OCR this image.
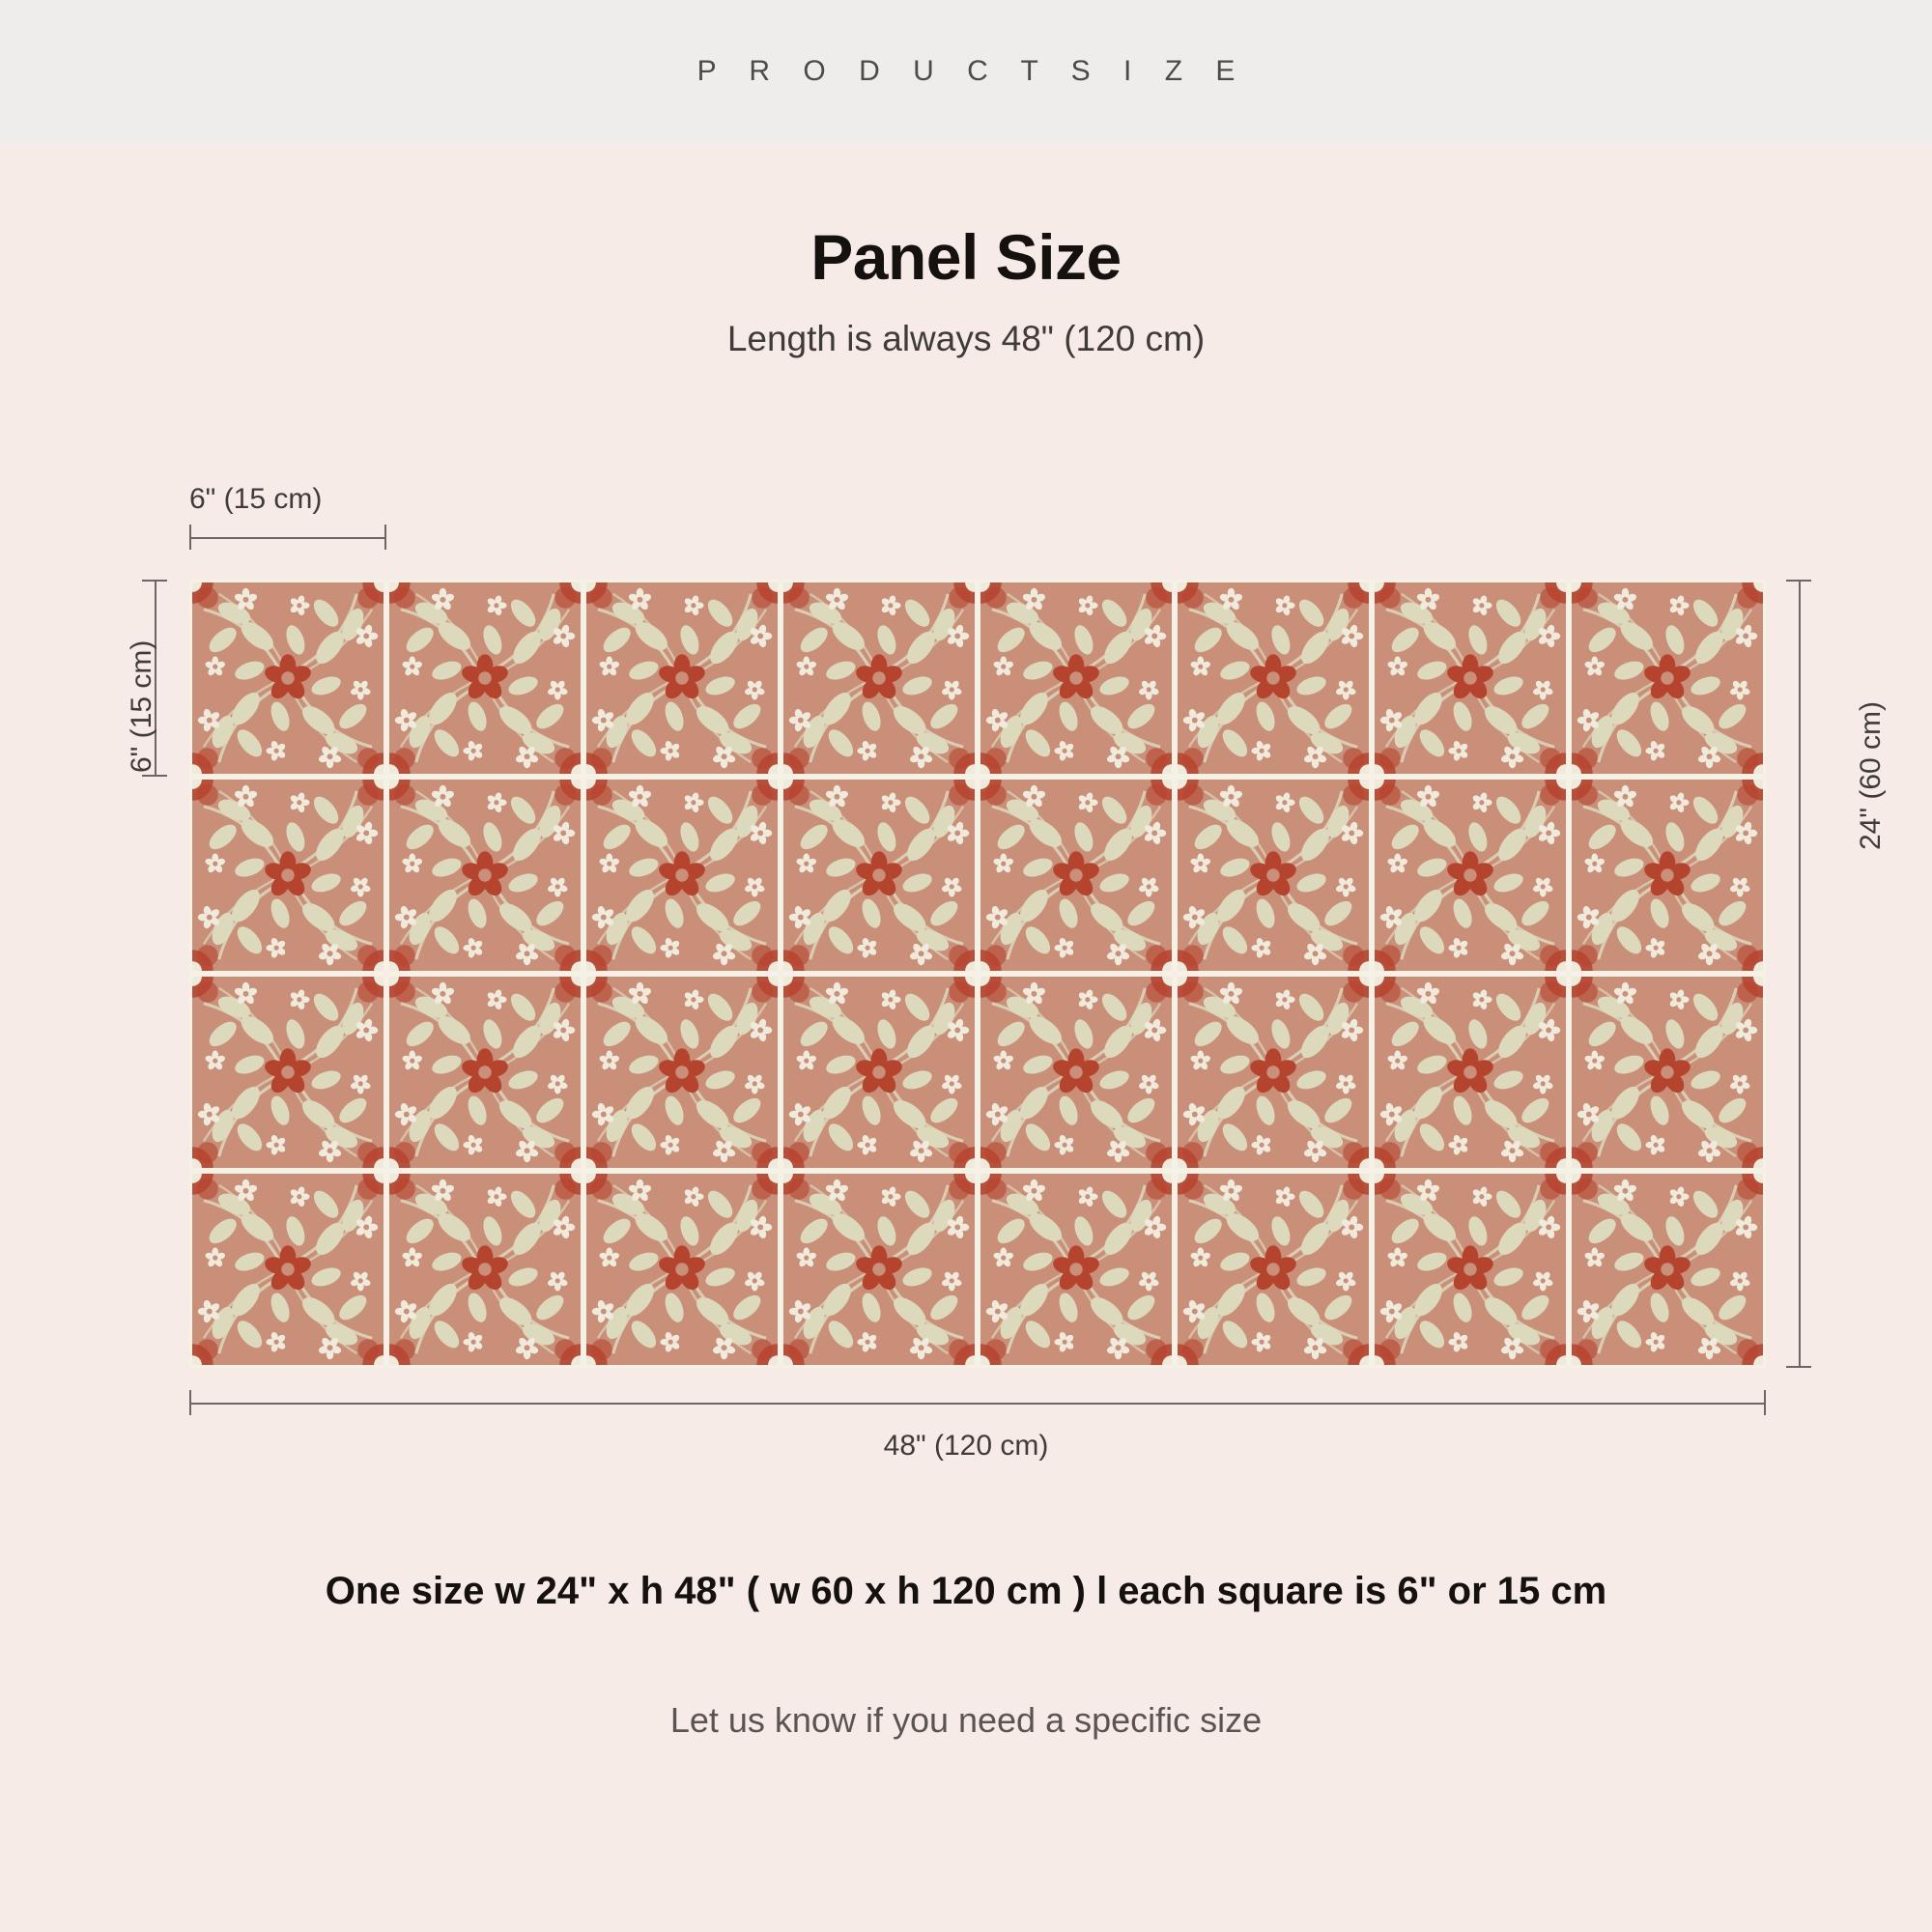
P R O D U C T S I Z E
Panel Size
Length is always 48" (120 cm)
6" (15 cm)
6" (15 cm)	24" (60 cm)
48" (120 cm)
One size w 24" x h 48" ( w 60 x h 120 cm ) l each square is 6" or 15 cm
Let us know if you need a specific size
